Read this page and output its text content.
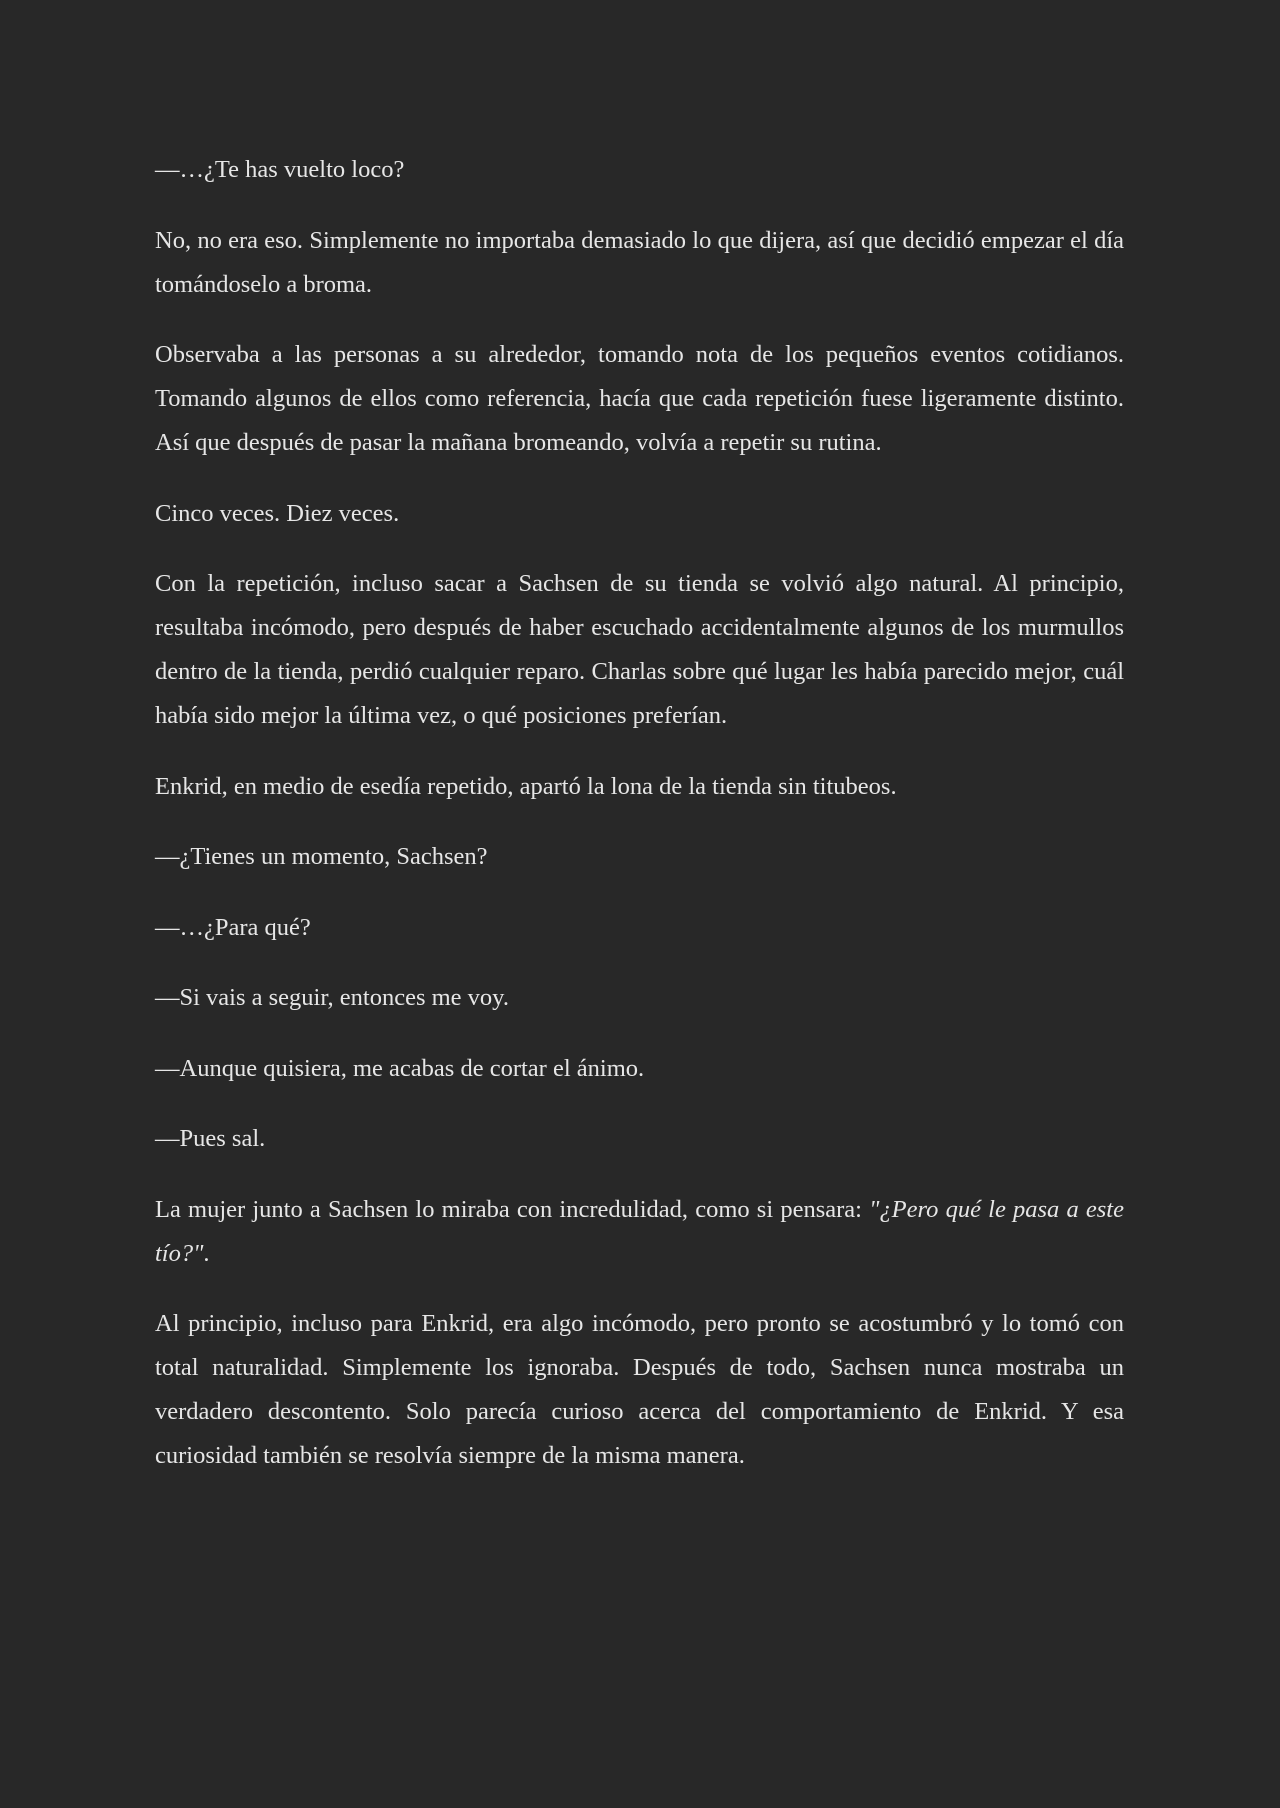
—…¿Te has vuelto loco?

No, no era eso. Simplemente no importaba demasiado lo que dijera, así que decidió empezar el día tomándoselo a broma.

Observaba a las personas a su alrededor, tomando nota de los pequeños eventos cotidianos. Tomando algunos de ellos como referencia, hacía que cada repetición fuese ligeramente distinto. Así que después de pasar la mañana bromeando, volvía a repetir su rutina.

Cinco veces. Diez veces.

Con la repetición, incluso sacar a Sachsen de su tienda se volvió algo natural. Al principio, resultaba incómodo, pero después de haber escuchado accidentalmente algunos de los murmullos dentro de la tienda, perdió cualquier reparo. Charlas sobre qué lugar les había parecido mejor, cuál había sido mejor la última vez, o qué posiciones preferían.

Enkrid, en medio de esedía repetido, apartó la lona de la tienda sin titubeos.

—¿Tienes un momento, Sachsen?

—…¿Para qué?

—Si vais a seguir, entonces me voy.

—Aunque quisiera, me acabas de cortar el ánimo.

—Pues sal.

La mujer junto a Sachsen lo miraba con incredulidad, como si pensara: "¿Pero qué le pasa a este tío?".

Al principio, incluso para Enkrid, era algo incómodo, pero pronto se acostumbró y lo tomó con total naturalidad. Simplemente los ignoraba. Después de todo, Sachsen nunca mostraba un verdadero descontento. Solo parecía curioso acerca del comportamiento de Enkrid. Y esa curiosidad también se resolvía siempre de la misma manera.
